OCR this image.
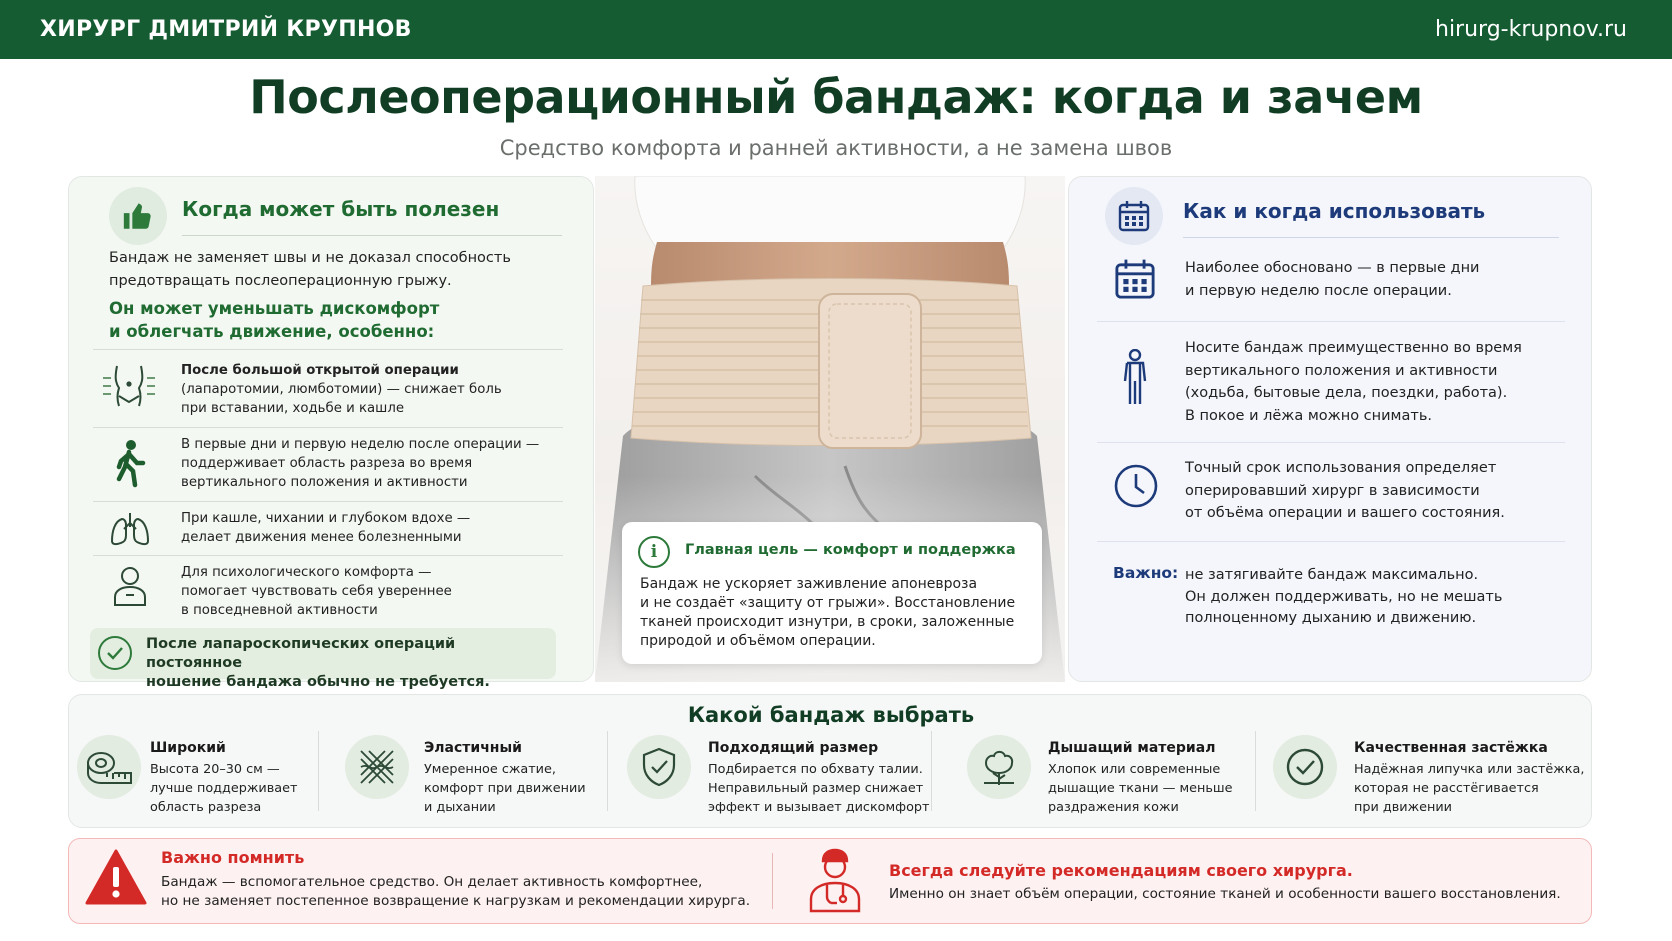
ХИРУРГ ДМИТРИЙ КРУПНОВ	hirurg-krupnov.ru
Послеоперационный бандаж: когда и зачем
Средство комфорта и ранней активности, а не замена швов
Когда может быть полезен
Бандаж не заменяет швы и не доказал способность
предотвращать послеоперационную грыжу.
Он может уменьшать дискомфорт
и облегчать движение, особенно:
После большой открытой операции
(лапаротомии, люмботомии) — снижает боль
при вставании, ходьбе и кашле
В первые дни и первую неделю после операции —
поддерживает область разреза во время
вертикального положения и активности
При кашле, чихании и глубоком вдохе —
делает движения менее болезненными
Для психологического комфорта —
помогает чувствовать себя увереннее
в повседневной активности
После лапароскопических операций постоянное
ношение бандажа обычно не требуется.
i Главная цель — комфорт и поддержка
Бандаж не ускоряет заживление апоневроза
и не создаёт «защиту от грыжи». Восстановление
тканей происходит изнутри, в сроки, заложенные
природой и объёмом операции.
Как и когда использовать
Наиболее обосновано — в первые дни
и первую неделю после операции.
Носите бандаж преимущественно во время
вертикального положения и активности
(ходьба, бытовые дела, поездки, работа).
В покое и лёжа можно снимать.
Точный срок использования определяет
оперировавший хирург в зависимости
от объёма операции и вашего состояния.
Важно: не затягивайте бандаж максимально.
Он должен поддерживать, но не мешать
полноценному дыханию и движению.
Какой бандаж выбрать
Широкий
Высота 20–30 см —
лучше поддерживает
область разреза
Эластичный
Умеренное сжатие,
комфорт при движении
и дыхании
Подходящий размер
Подбирается по обхвату талии.
Неправильный размер снижает
эффект и вызывает дискомфорт
Дышащий материал
Хлопок или современные
дышащие ткани — меньше
раздражения кожи
Качественная застёжка
Надёжная липучка или застёжка,
которая не расстёгивается
при движении
Важно помнить
Бандаж — вспомогательное средство. Он делает активность комфортнее,
но не заменяет постепенное возвращение к нагрузкам и рекомендации хирурга.
Всегда следуйте рекомендациям своего хирурга.
Именно он знает объём операции, состояние тканей и особенности вашего восстановления.
